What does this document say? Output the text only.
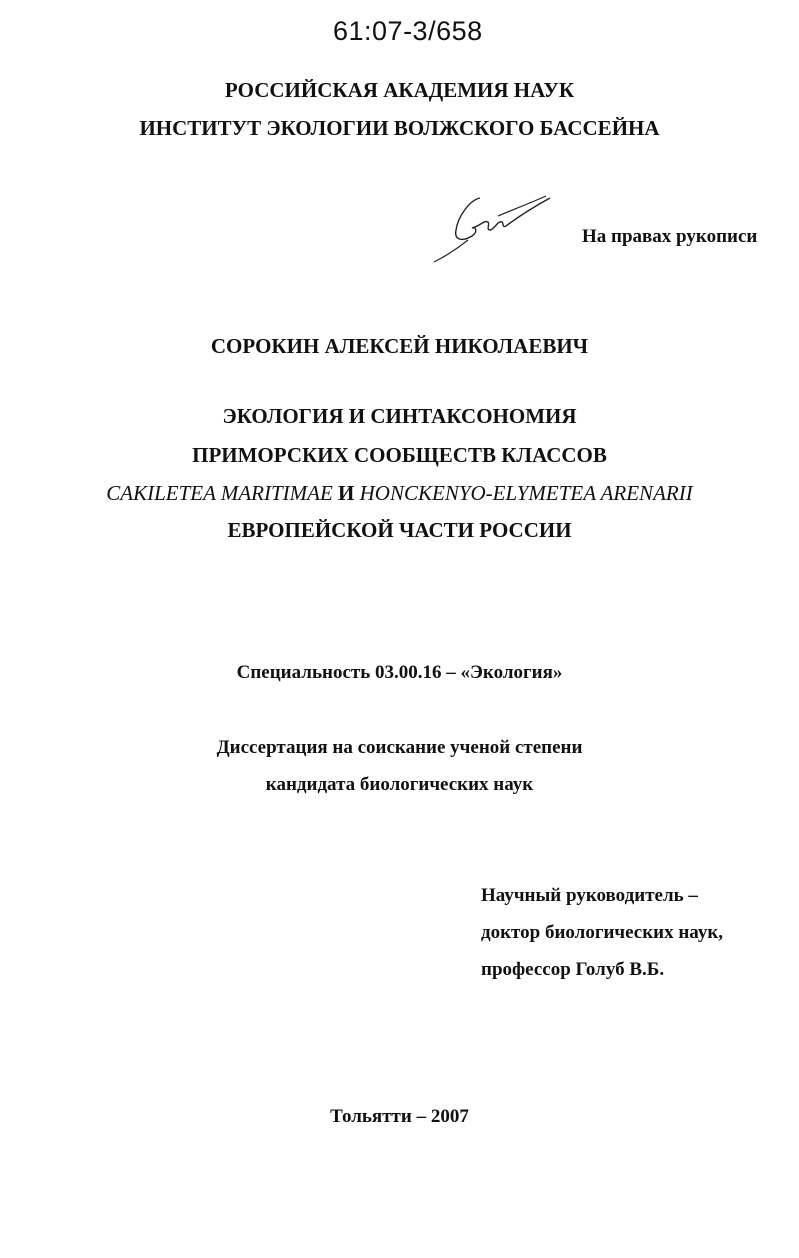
61:07-3/658
РОССИЙСКАЯ АКАДЕМИЯ НАУК
ИНСТИТУТ ЭКОЛОГИИ ВОЛЖСКОГО БАССЕЙНА
На правах рукописи
СОРОКИН АЛЕКСЕЙ НИКОЛАЕВИЧ
ЭКОЛОГИЯ И СИНТАКСОНОМИЯ
ПРИМОРСКИХ СООБЩЕСТВ КЛАССОВ
CAKILETEA MARITIMAE И HONCKENYO-ELYMETEA ARENARII
ЕВРОПЕЙСКОЙ ЧАСТИ РОССИИ
Специальность 03.00.16 – «Экология»
Диссертация на соискание ученой степени
кандидата биологических наук
Научный руководитель –
доктор биологических наук,
профессор Голуб В.Б.
Тольятти – 2007
